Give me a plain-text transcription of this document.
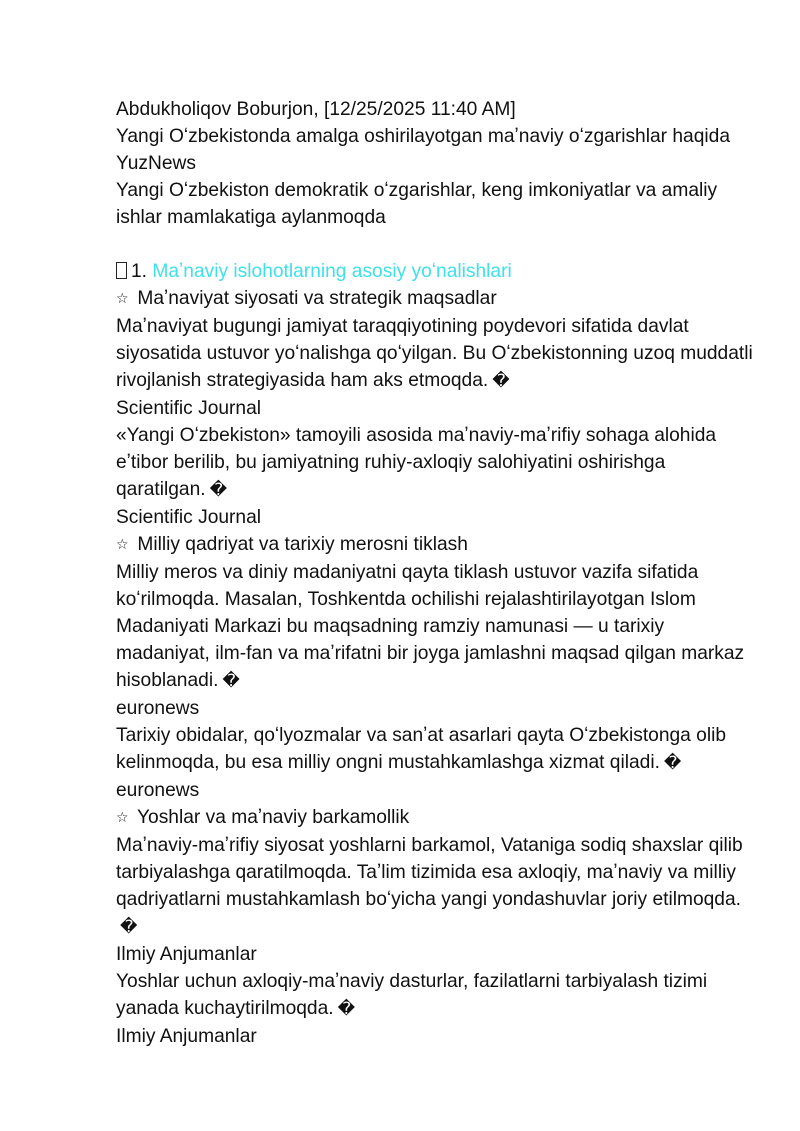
Abdukholiqov Boburjon, [12/25/2025 11:40 AM]
Yangi Oʻzbekistonda amalga oshirilayotgan maʼnaviy oʻzgarishlar haqida
YuzNews
Yangi Oʻzbekiston demokratik oʻzgarishlar, keng imkoniyatlar va amaliy ishlar mamlakatiga aylanmoqda
1. Maʼnaviy islohotlarning asosiy yoʻnalishlari
☆ Maʼnaviyat siyosati va strategik maqsadlar
Maʼnaviyat bugungi jamiyat taraqqiyotining poydevori sifatida davlat siyosatida ustuvor yoʻnalishga qoʻyilgan. Bu Oʻzbekistonning uzoq muddatli rivojlanish strategiyasida ham aks etmoqda. �
Scientific Journal
«Yangi Oʻzbekiston» tamoyili asosida maʼnaviy-maʼrifiy sohaga alohida eʼtibor berilib, bu jamiyatning ruhiy-axloqiy salohiyatini oshirishga qaratilgan. �
Scientific Journal
☆ Milliy qadriyat va tarixiy merosni tiklash
Milliy meros va diniy madaniyatni qayta tiklash ustuvor vazifa sifatida koʻrilmoqda. Masalan, Toshkentda ochilishi rejalashtirilayotgan Islom Madaniyati Markazi bu maqsadning ramziy namunasi — u tarixiy madaniyat, ilm-fan va maʼrifatni bir joyga jamlashni maqsad qilgan markaz hisoblanadi. �
euronews
Tarixiy obidalar, qoʻlyozmalar va sanʼat asarlari qayta Oʻzbekistonga olib kelinmoqda, bu esa milliy ongni mustahkamlashga xizmat qiladi. �
euronews
☆ Yoshlar va maʼnaviy barkamollik
Maʼnaviy-maʼrifiy siyosat yoshlarni barkamol, Vataniga sodiq shaxslar qilib tarbiyalashga qaratilmoqda. Taʼlim tizimida esa axloqiy, maʼnaviy va milliy qadriyatlarni mustahkamlash boʻyicha yangi yondashuvlar joriy etilmoqda.�
Ilmiy Anjumanlar
Yoshlar uchun axloqiy-maʼnaviy dasturlar, fazilatlarni tarbiyalash tizimi yanada kuchaytirilmoqda. �
Ilmiy Anjumanlar
